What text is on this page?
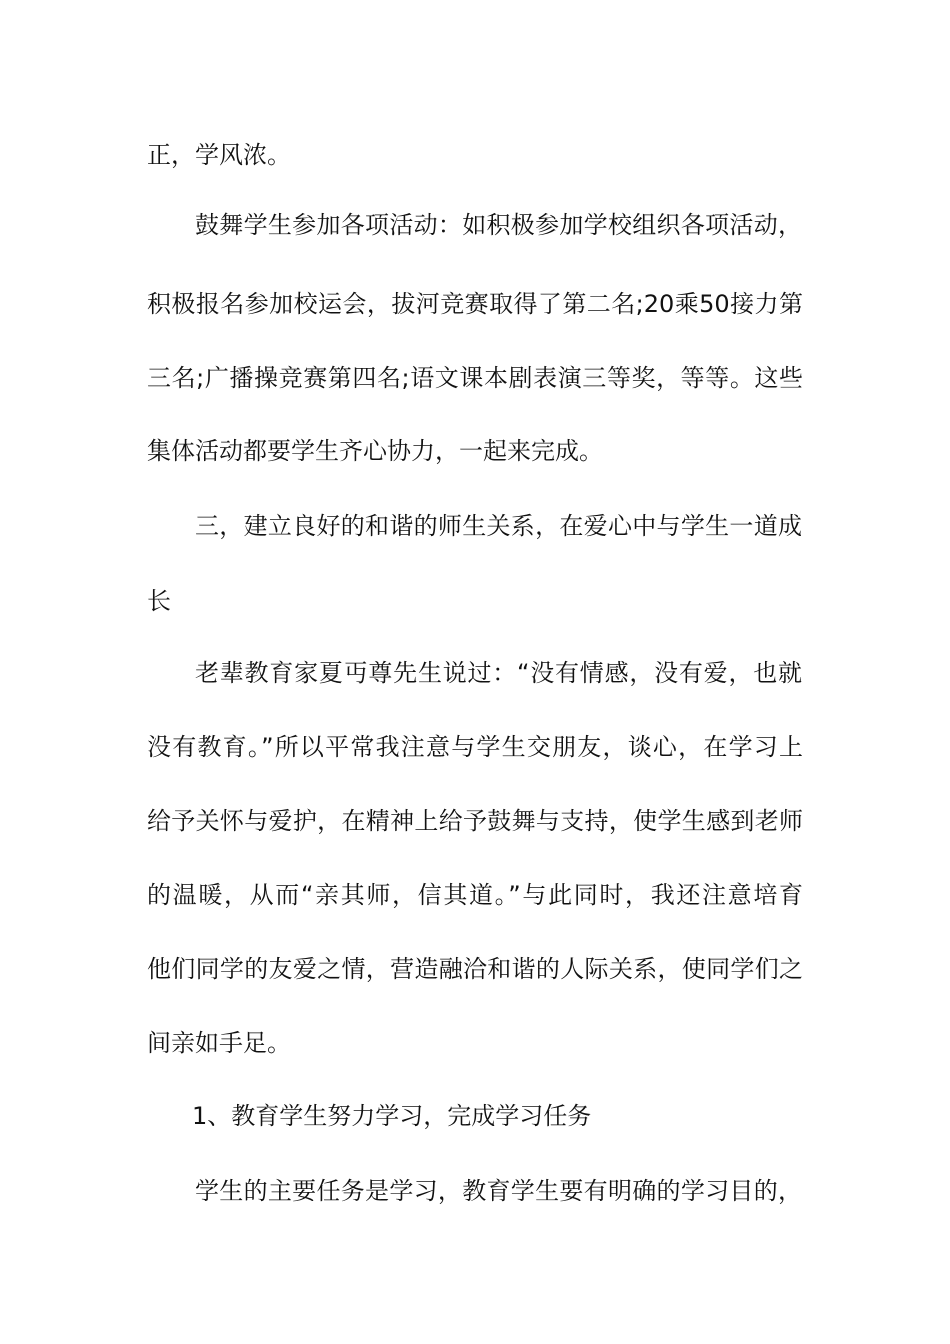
正，学风浓。
鼓舞学生参加各项活动：如积极参加学校组织各项活动，
积极报名参加校运会，拔河竞赛取得了第二名;20乘50接力第
三名;广播操竞赛第四名;语文课本剧表演三等奖，等等。这些
集体活动都要学生齐心协力，一起来完成。
三，建立良好的和谐的师生关系，在爱心中与学生一道成
长
老辈教育家夏丏尊先生说过：“没有情感，没有爱，也就
没有教育。”所以平常我注意与学生交朋友，谈心，在学习上
给予关怀与爱护，在精神上给予鼓舞与支持，使学生感到老师
的温暖，从而“亲其师，信其道。”与此同时，我还注意培育
他们同学的友爱之情，营造融洽和谐的人际关系，使同学们之
间亲如手足。
1、教育学生努力学习，完成学习任务
学生的主要任务是学习，教育学生要有明确的学习目的，
